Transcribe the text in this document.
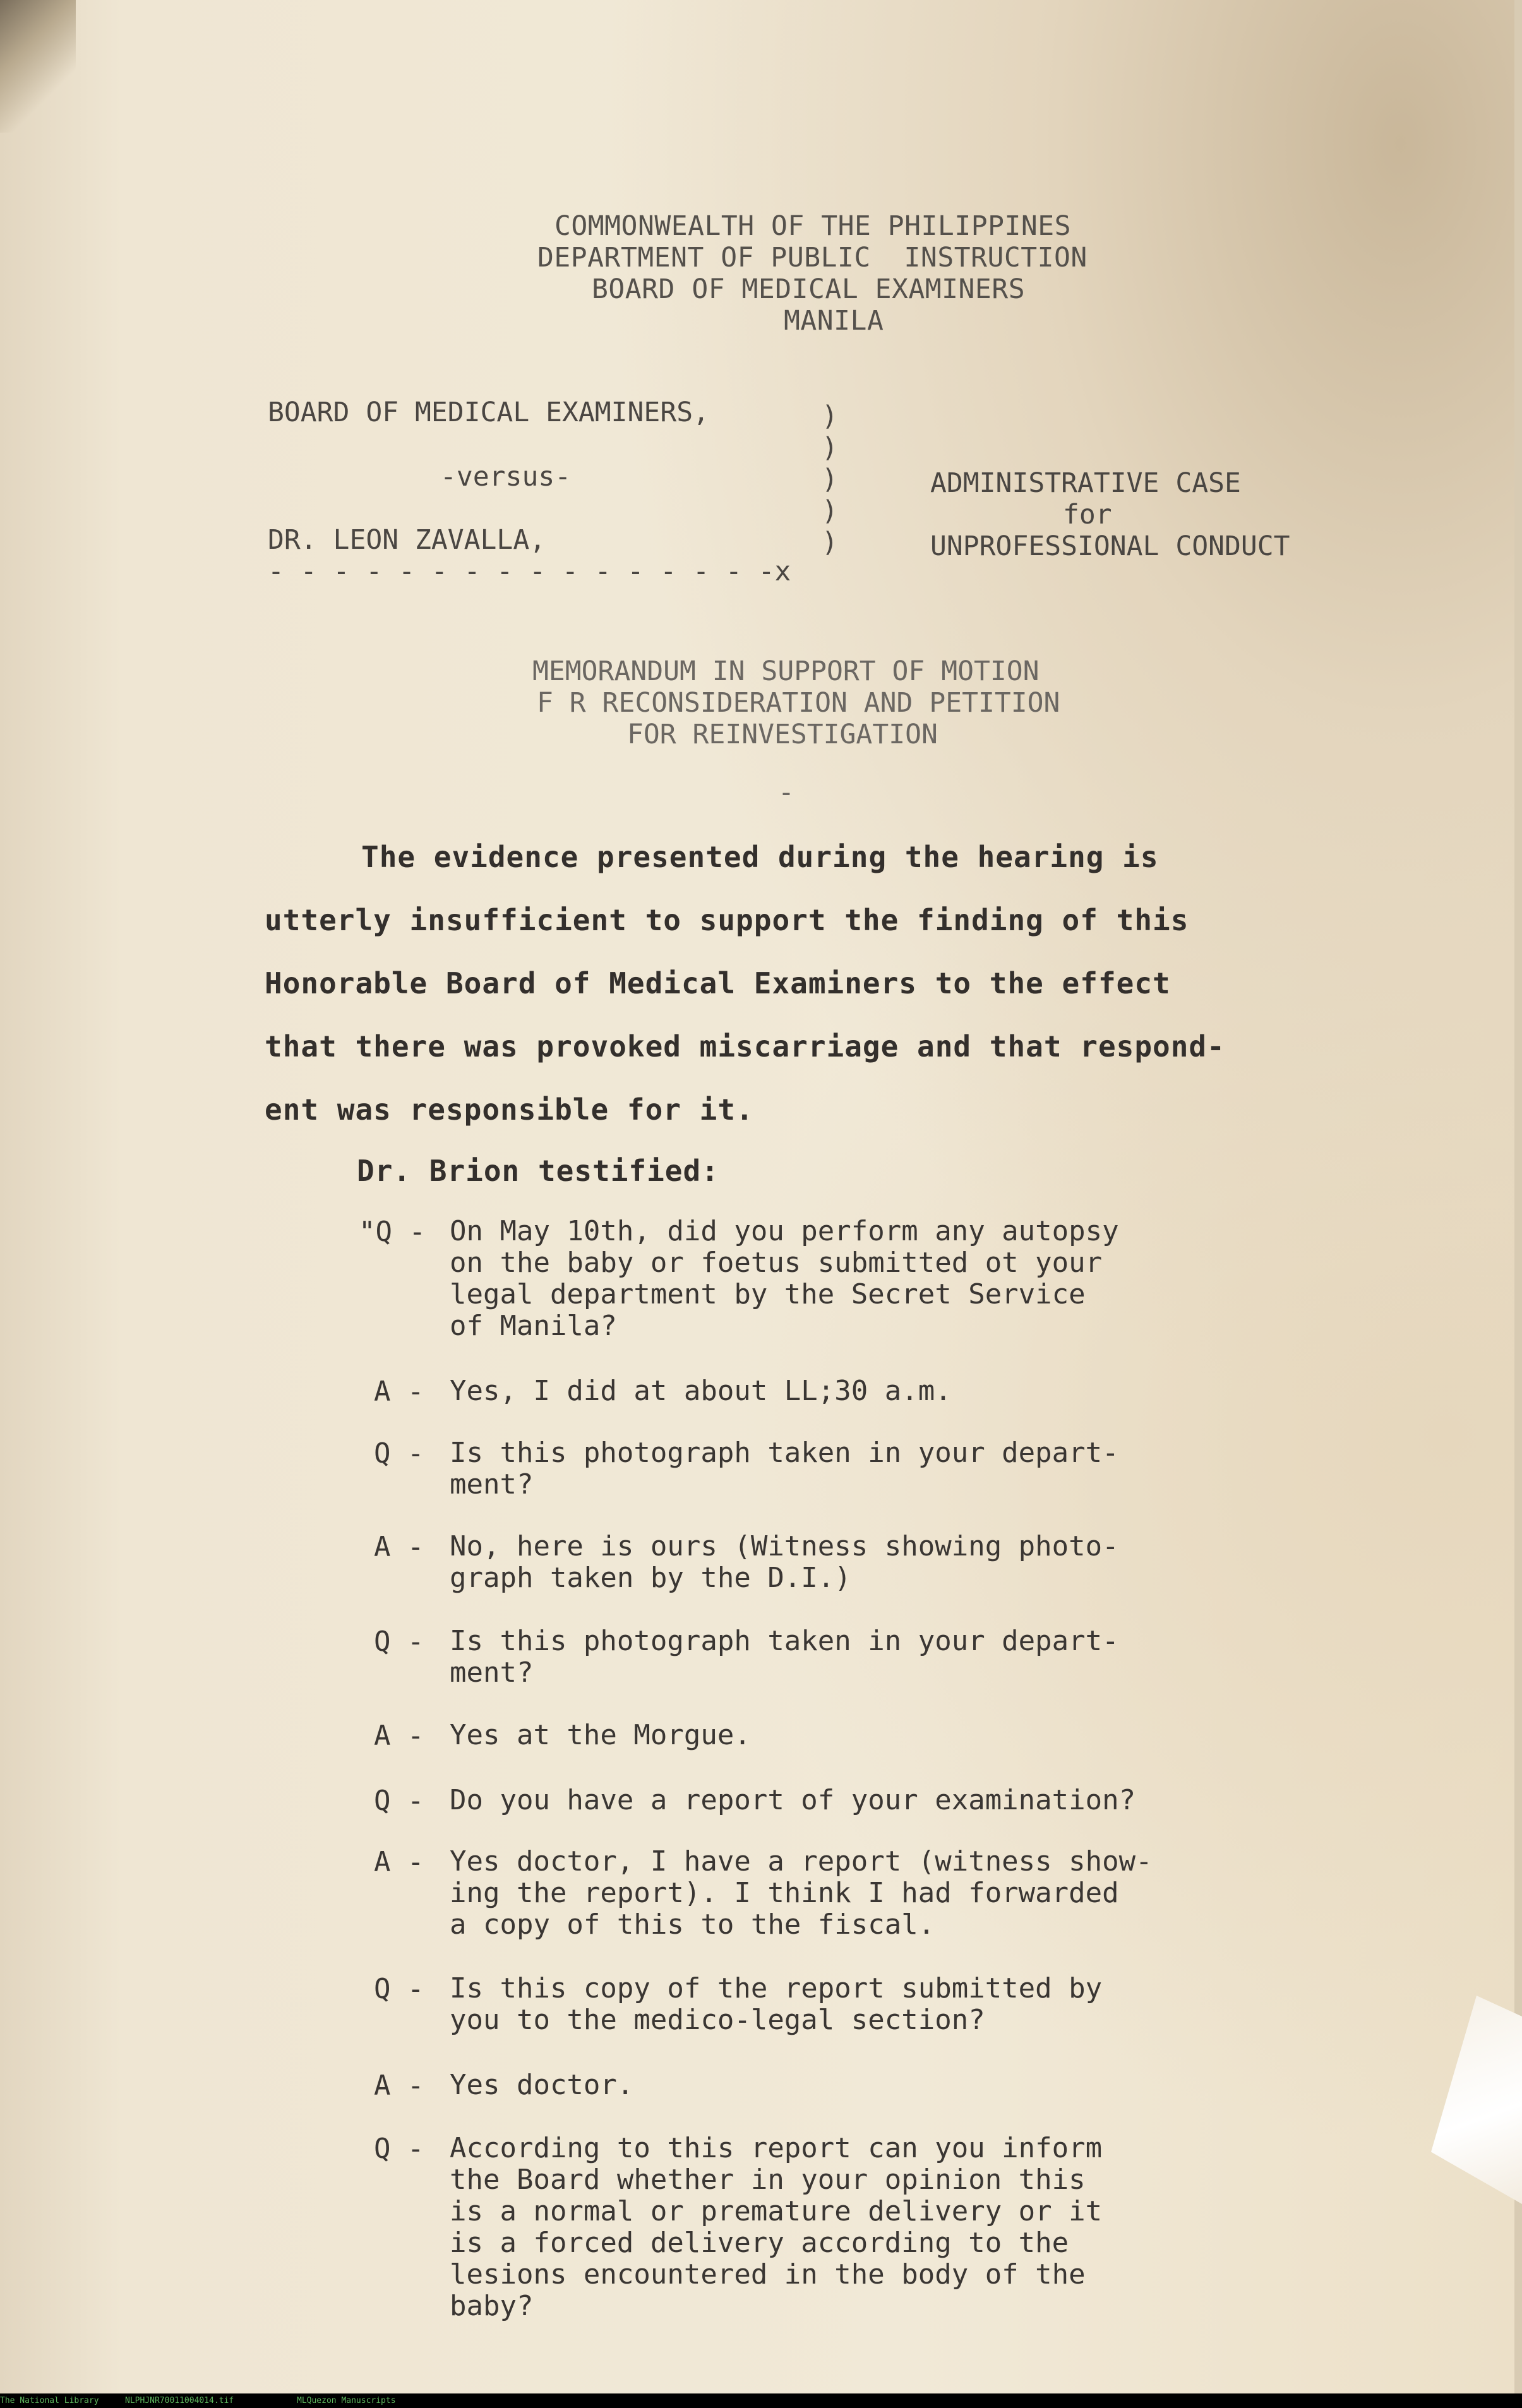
COMMONWEALTH OF THE PHILIPPINES
DEPARTMENT OF PUBLIC  INSTRUCTION
BOARD OF MEDICAL EXAMINERS
MANILA
BOARD OF MEDICAL EXAMINERS,
-versus-
DR. LEON ZAVALLA,
)
)
)
)
)
- - - - - - - - - - - - - - - -x
ADMINISTRATIVE CASE
for
UNPROFESSIONAL CONDUCT
MEMORANDUM IN SUPPORT OF MOTION
F R RECONSIDERATION AND PETITION
FOR REINVESTIGATION
-
The evidence presented during the hearing is
utterly insufficient to support the finding of this
Honorable Board of Medical Examiners to the effect
that there was provoked miscarriage and that respond-
ent was responsible for it.
Dr. Brion testified:
"Q - On May 10th, did you perform any autopsy
on the baby or foetus submitted ot your
legal department by the Secret Service
of Manila?
A - Yes, I did at about LL;30 a.m.
Q - Is this photograph taken in your depart-
ment?
A - No, here is ours (Witness showing photo-
graph taken by the D.I.)
Q - Is this photograph taken in your depart-
ment?
A - Yes at the Morgue.
Q - Do you have a report of your examination?
A - Yes doctor, I have a report (witness show-
ing the report). I think I had forwarded
a copy of this to the fiscal.
Q - Is this copy of the report submitted by
you to the medico-legal section?
A - Yes doctor.
Q - According to this report can you inform
the Board whether in your opinion this
is a normal or premature delivery or it
is a forced delivery according to the
lesions encountered in the body of the
baby?
The National Library	NLPHJNR70011004014.tif	MLQuezon Manuscripts
